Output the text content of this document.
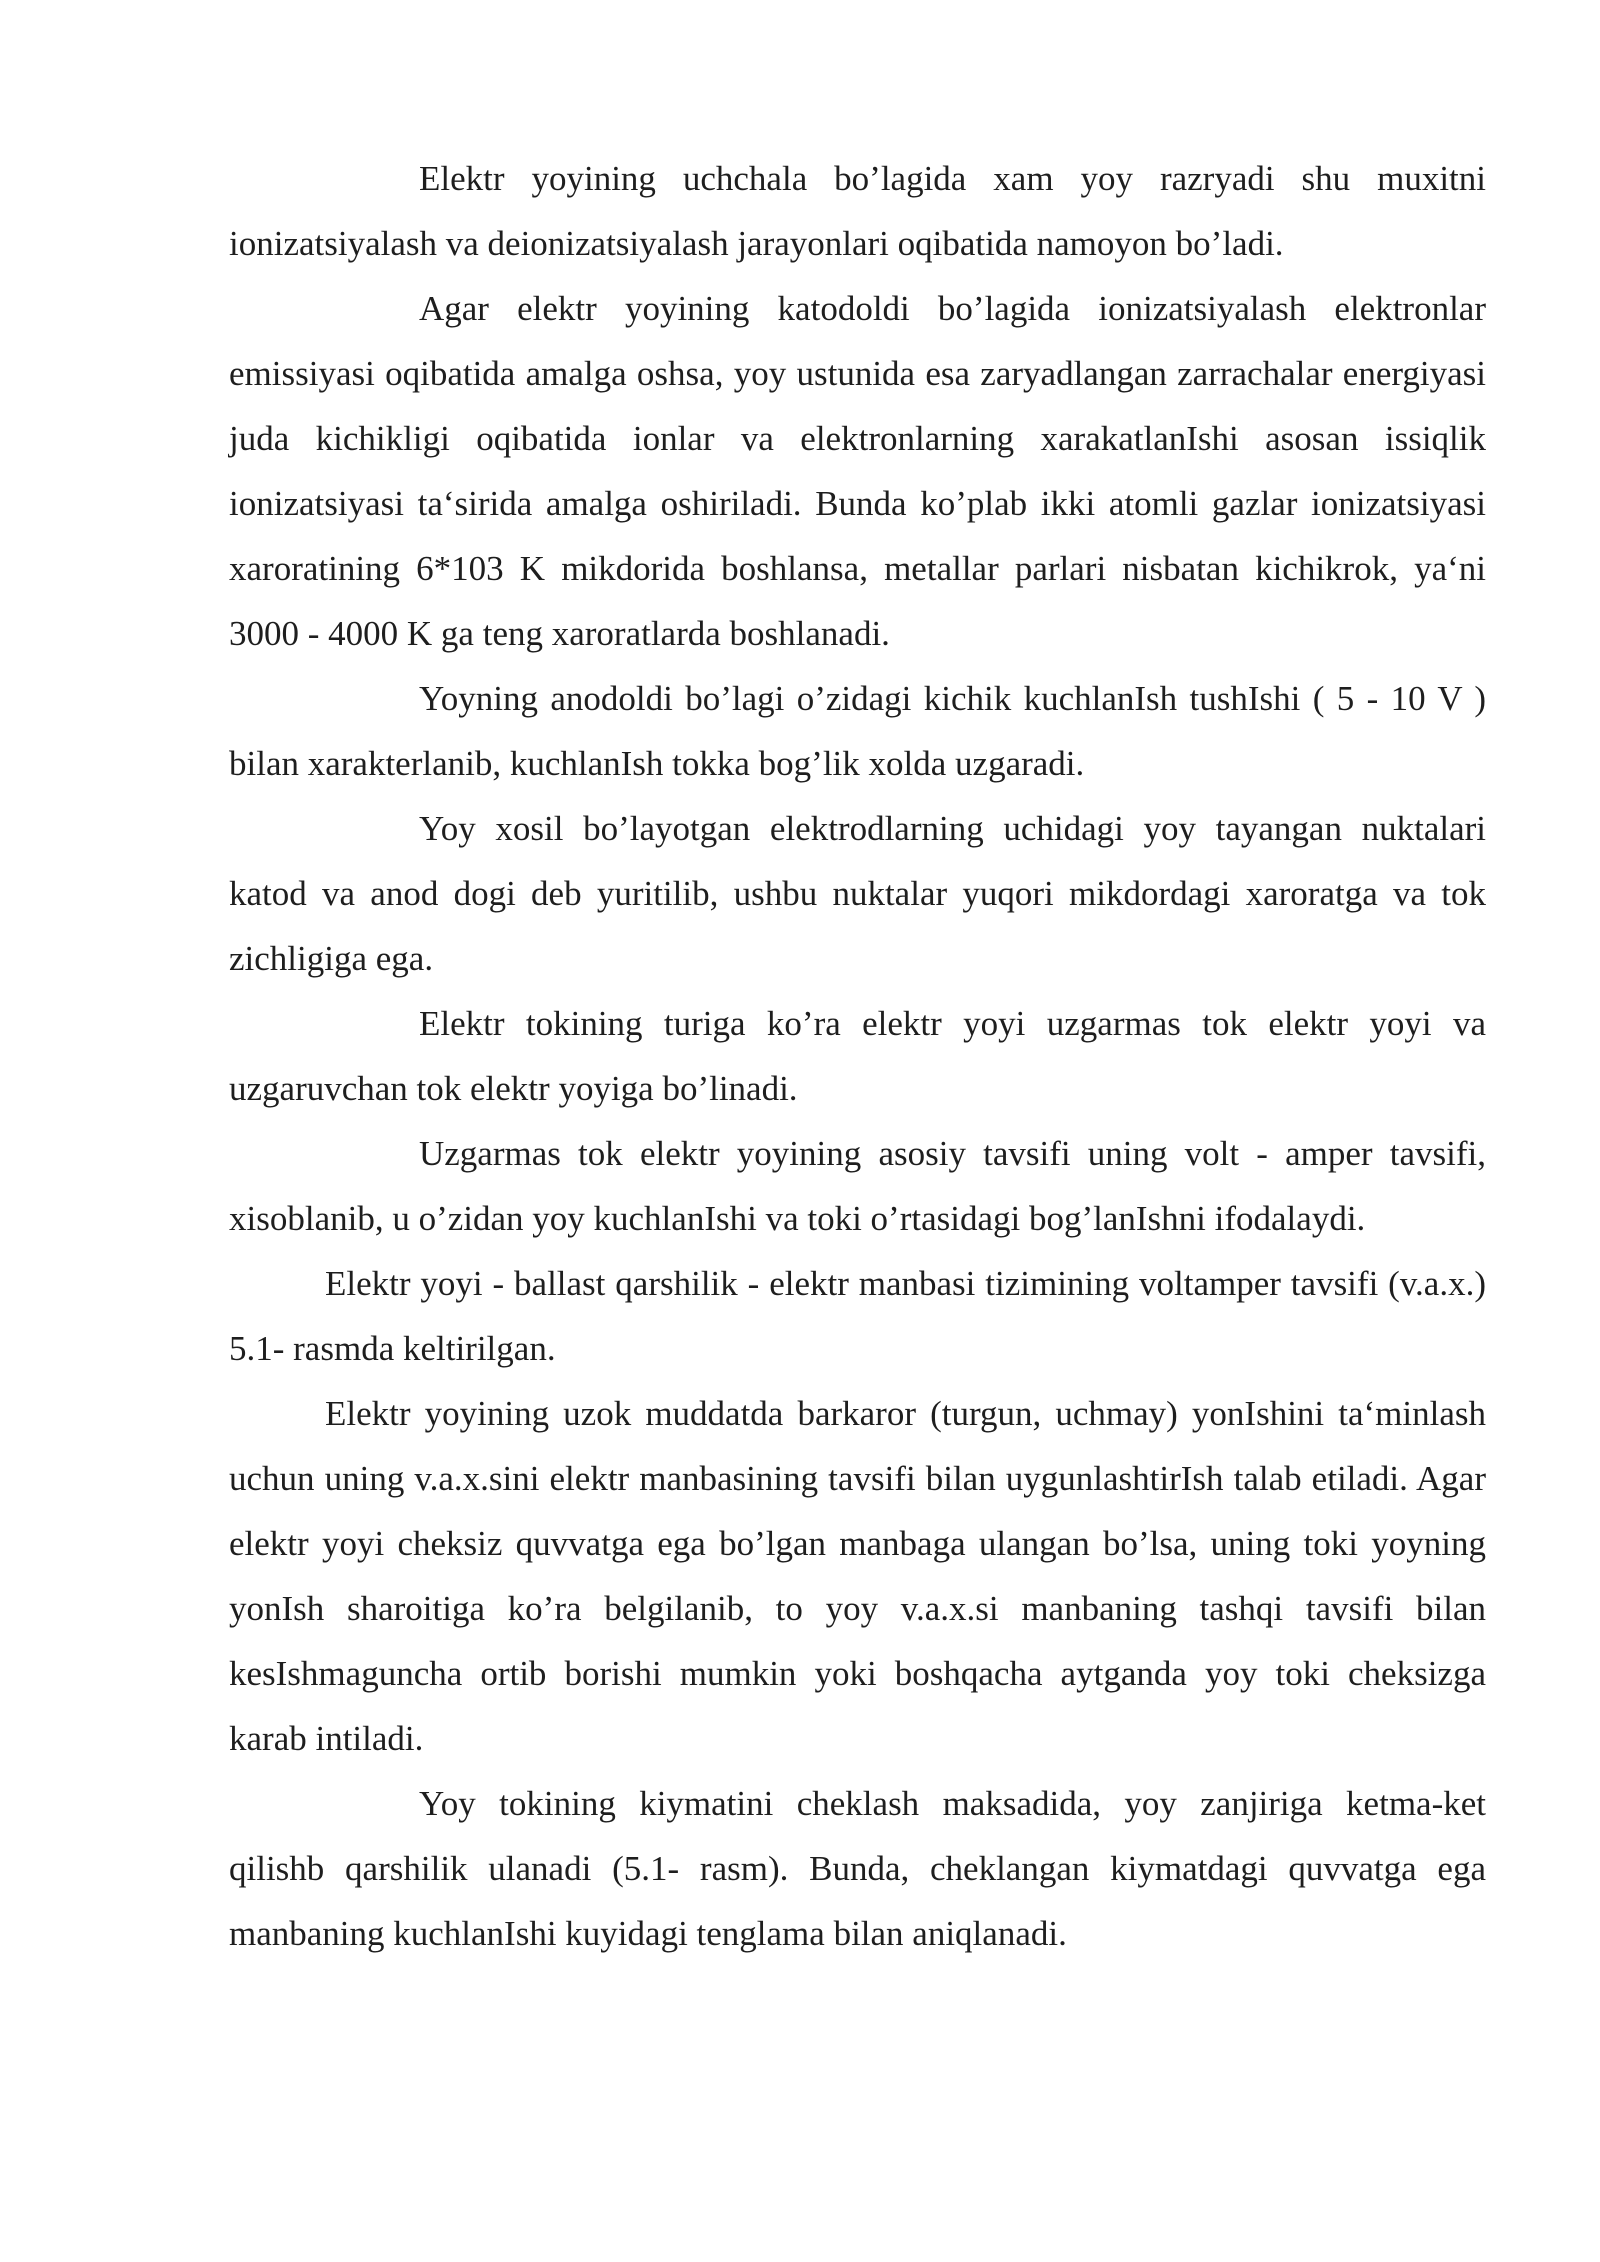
Elektr yoyining uchchala bo’lagida xam yoy razryadi shu muxitni ionizatsiyalash va deionizatsiyalash jarayonlari oqibatida namoyon bo’ladi.

Agar elektr yoyining katodoldi bo’lagida ionizatsiyalash elektronlar emissiyasi oqibatida amalga oshsa, yoy ustunida esa zaryadlangan zarrachalar energiyasi juda kichikligi oqibatida ionlar va elektronlarning xarakatlanIshi asosan issiqlik ionizatsiyasi ta‘sirida amalga oshiriladi. Bunda ko’plab ikki atomli gazlar ionizatsiyasi xaroratining 6*103 K mikdorida boshlansa, metallar parlari nisbatan kichikrok, ya‘ni 3000 - 4000 K ga teng xaroratlarda boshlanadi.

Yoyning anodoldi bo’lagi o’zidagi kichik kuchlanIsh tushIshi ( 5 - 10 V ) bilan xarakterlanib, kuchlanIsh tokka bog’lik xolda uzgaradi.

Yoy xosil bo’layotgan elektrodlarning uchidagi yoy tayangan nuktalari katod va anod dogi deb yuritilib, ushbu nuktalar yuqori mikdordagi xaroratga va tok zichligiga ega.

Elektr tokining turiga ko’ra elektr yoyi uzgarmas tok elektr yoyi va uzgaruvchan tok elektr yoyiga bo’linadi.

Uzgarmas tok elektr yoyining asosiy tavsifi uning volt - amper tavsifi, xisoblanib, u o’zidan yoy kuchlanIshi va toki o’rtasidagi bog’lanIshni ifodalaydi.

Elektr yoyi - ballast qarshilik - elektr manbasi tizimining voltamper tavsifi (v.a.x.) 5.1- rasmda keltirilgan.

Elektr yoyining uzok muddatda barkaror (turgun, uchmay) yonIshini ta‘minlash uchun uning v.a.x.sini elektr manbasining tavsifi bilan uygunlashtirIsh talab etiladi. Agar elektr yoyi cheksiz quvvatga ega bo’lgan manbaga ulangan bo’lsa, uning toki yoyning yonIsh sharoitiga ko’ra belgilanib, to yoy v.a.x.si manbaning tashqi tavsifi bilan kesIshmaguncha ortib borishi mumkin yoki boshqacha aytganda yoy toki cheksizga karab intiladi.

Yoy tokining kiymatini cheklash maksadida, yoy zanjiriga ketma-ket qilishb qarshilik ulanadi (5.1- rasm). Bunda, cheklangan kiymatdagi quvvatga ega manbaning kuchlanIshi kuyidagi tenglama bilan aniqlanadi.
